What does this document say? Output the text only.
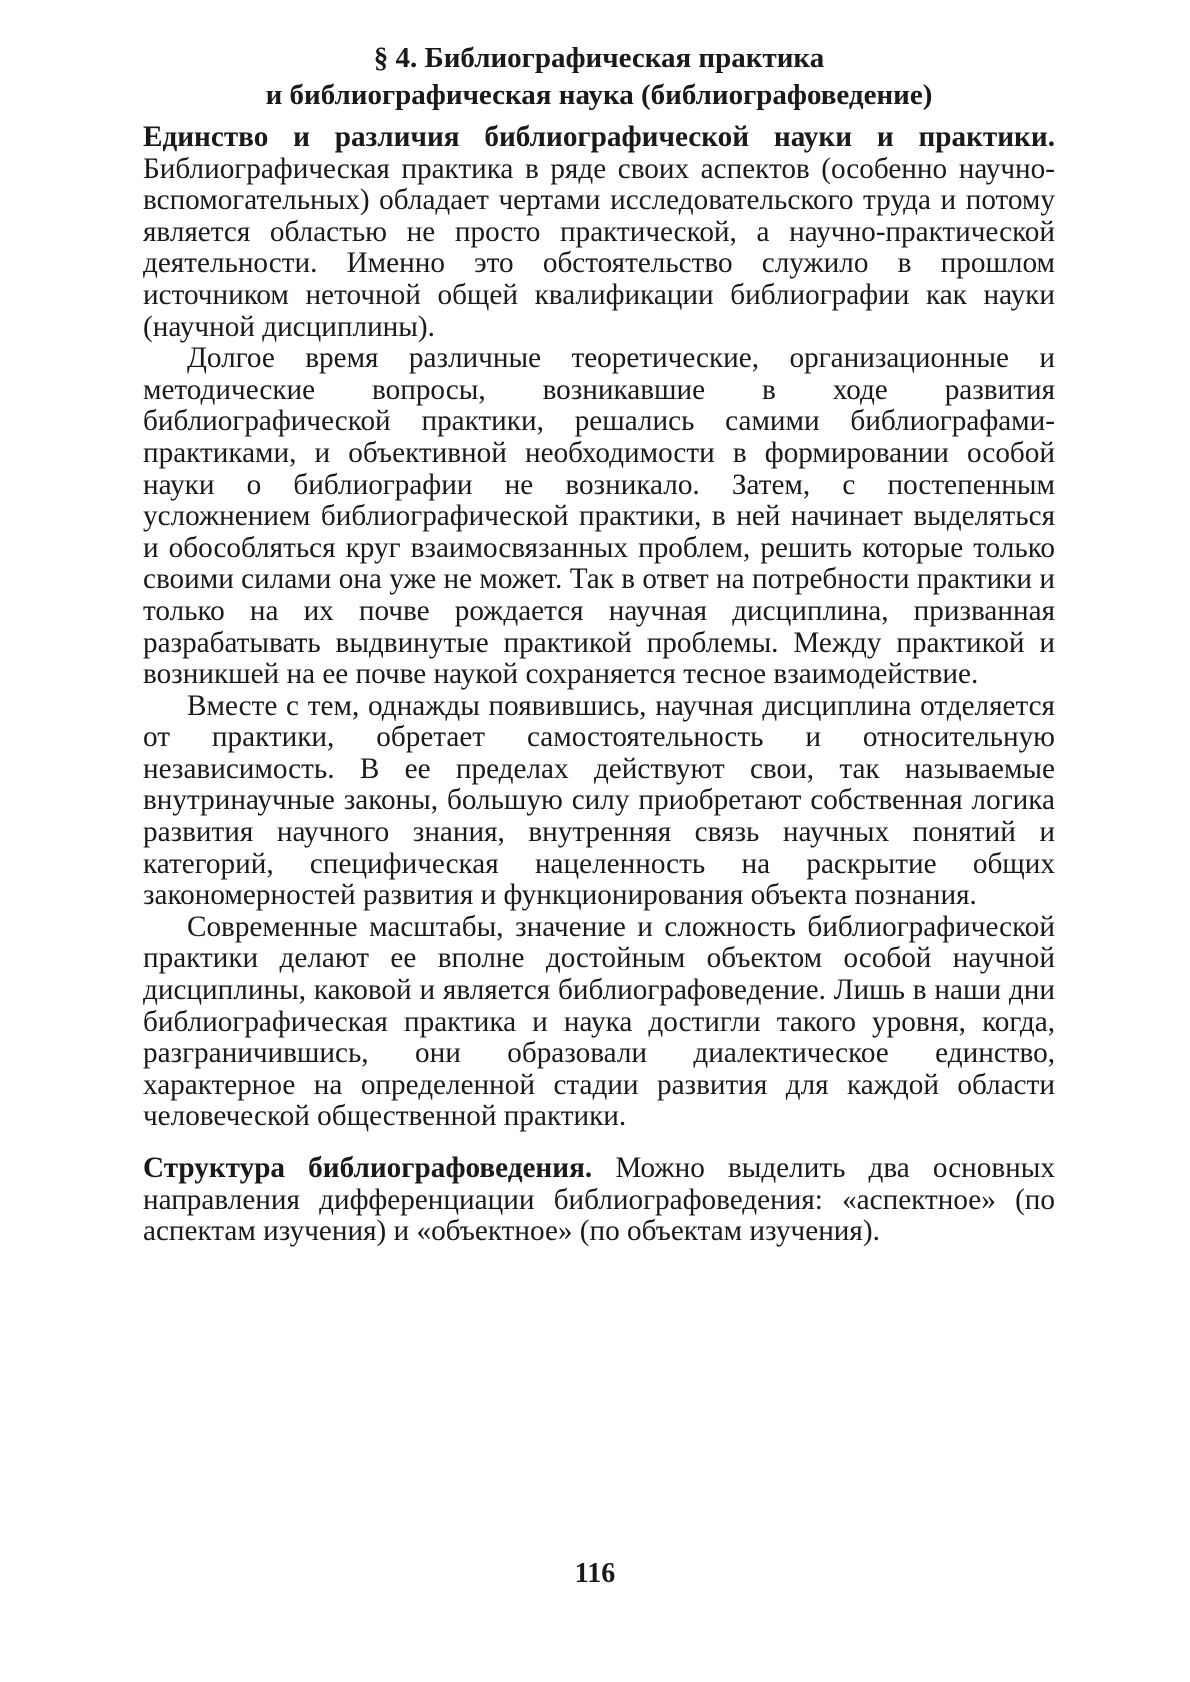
§ 4. Библиографическая практика
и библиографическая наука (библиографоведение)

Единство и различия библиографической науки и практики. Библиографическая практика в ряде своих аспектов (особенно научно-вспомогательных) обладает чертами исследовательского труда и потому является областью не просто практической, а научно-практической деятельности. Именно это обстоятельство служило в прошлом источником неточной общей квалификации библиографии как науки (научной дисциплины).

Долгое время различные теоретические, организационные и методические вопросы, возникавшие в ходе развития библиографической практики, решались самими библиографами-практиками, и объективной необходимости в формировании особой науки о библиографии не возникало. Затем, с постепенным усложнением библиографической практики, в ней начинает выделяться и обособляться круг взаимосвязанных проблем, решить которые только своими силами она уже не может. Так в ответ на потребности практики и только на их почве рождается научная дисциплина, призванная разрабатывать выдвинутые практикой проблемы. Между практикой и возникшей на ее почве наукой сохраняется тесное взаимодействие.

Вместе с тем, однажды появившись, научная дисциплина отделяется от практики, обретает самостоятельность и относительную независимость. В ее пределах действуют свои, так называемые внутринаучные законы, большую силу приобретают собственная логика развития научного знания, внутренняя связь научных понятий и категорий, специфическая нацеленность на раскрытие общих закономерностей развития и функционирования объекта познания.

Современные масштабы, значение и сложность библиографической практики делают ее вполне достойным объектом особой научной дисциплины, каковой и является библиографоведение. Лишь в наши дни библиографическая практика и наука достигли такого уровня, когда, разграничившись, они образовали диалектическое единство, характерное на определенной стадии развития для каждой области человеческой общественной практики.

Структура библиографоведения. Можно выделить два основных направления дифференциации библиографоведения: «аспектное» (по аспектам изучения) и «объектное» (по объектам изучения).

116
